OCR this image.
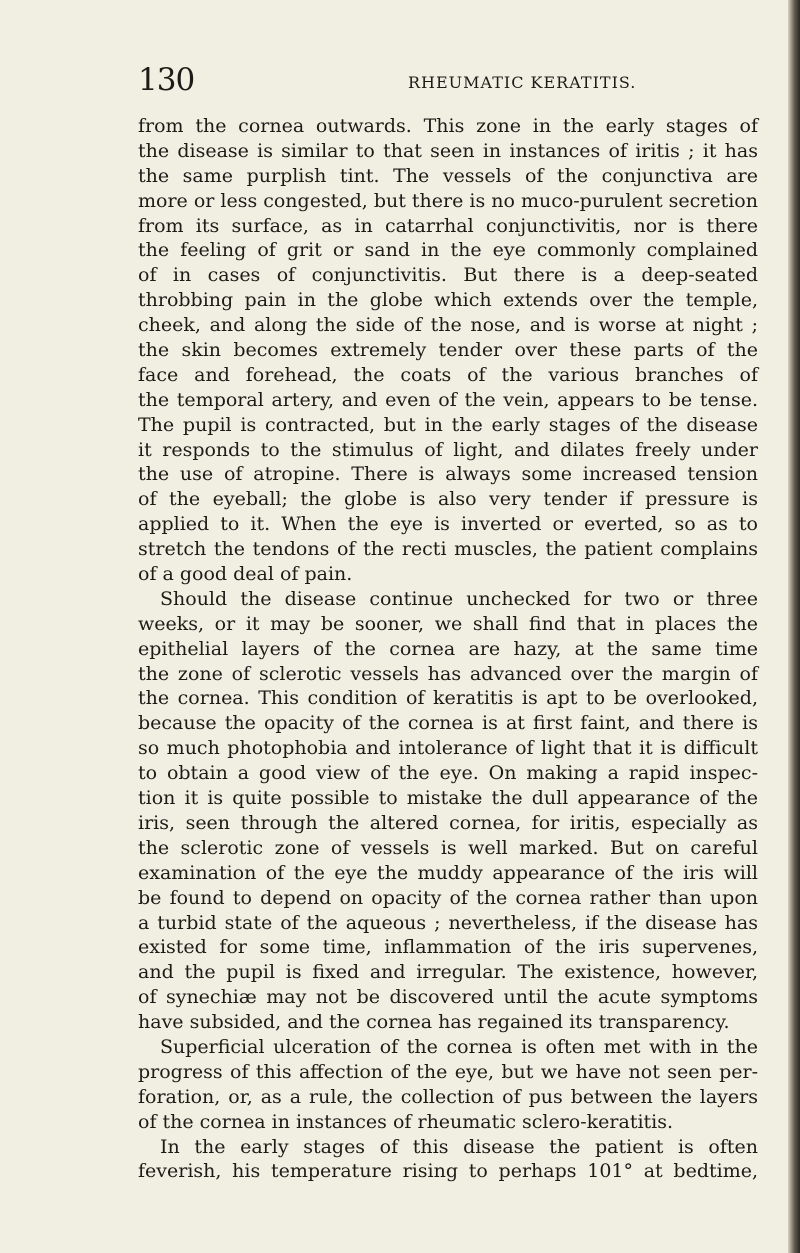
130	RHEUMATIC KERATITIS.
from the cornea outwards. This zone in the early stages of
the disease is similar to that seen in instances of iritis ; it has
the same purplish tint. The vessels of the conjunctiva are
more or less congested, but there is no muco-purulent secretion
from its surface, as in catarrhal conjunctivitis, nor is there
the feeling of grit or sand in the eye commonly complained
of in cases of conjunctivitis. But there is a deep-seated
throbbing pain in the globe which extends over the temple,
cheek, and along the side of the nose, and is worse at night ;
the skin becomes extremely tender over these parts of the
face and forehead, the coats of the various branches of
the temporal artery, and even of the vein, appears to be tense.
The pupil is contracted, but in the early stages of the disease
it responds to the stimulus of light, and dilates freely under
the use of atropine. There is always some increased tension
of the eyeball; the globe is also very tender if pressure is
applied to it. When the eye is inverted or everted, so as to
stretch the tendons of the recti muscles, the patient complains
of a good deal of pain.
Should the disease continue unchecked for two or three
weeks, or it may be sooner, we shall find that in places the
epithelial layers of the cornea are hazy, at the same time
the zone of sclerotic vessels has advanced over the margin of
the cornea. This condition of keratitis is apt to be overlooked,
because the opacity of the cornea is at first faint, and there is
so much photophobia and intolerance of light that it is difficult
to obtain a good view of the eye. On making a rapid inspec-
tion it is quite possible to mistake the dull appearance of the
iris, seen through the altered cornea, for iritis, especially as
the sclerotic zone of vessels is well marked. But on careful
examination of the eye the muddy appearance of the iris will
be found to depend on opacity of the cornea rather than upon
a turbid state of the aqueous ; nevertheless, if the disease has
existed for some time, inflammation of the iris supervenes,
and the pupil is fixed and irregular. The existence, however,
of synechiæ may not be discovered until the acute symptoms
have subsided, and the cornea has regained its transparency.
Superficial ulceration of the cornea is often met with in the
progress of this affection of the eye, but we have not seen per-
foration, or, as a rule, the collection of pus between the layers
of the cornea in instances of rheumatic sclero-keratitis.
In the early stages of this disease the patient is often
feverish, his temperature rising to perhaps 101° at bedtime,
